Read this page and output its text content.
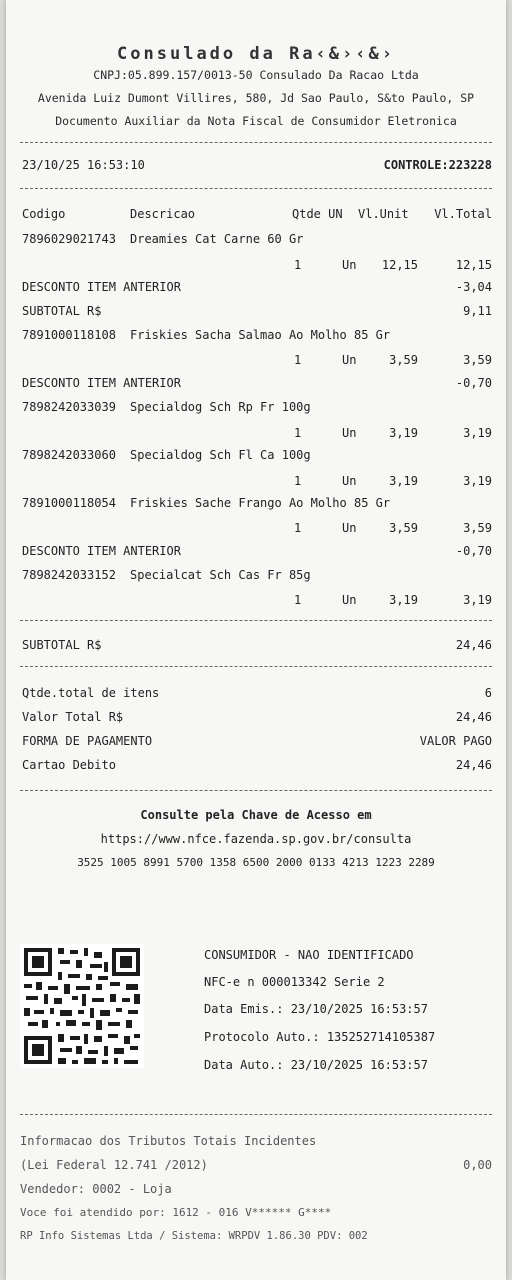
Consulado da Ra‹&›‹&›
CNPJ:05.899.157/0013-50 Consulado Da Racao Ltda
Avenida Luiz Dumont Villires, 580, Jd Sao Paulo, S&to Paulo, SP
Documento Auxiliar da Nota Fiscal de Consumidor Eletronica
23/10/25 16:53:10	CONTROLE:223228
Codigo	Descricao	Qtde UN Vl.Unit Vl.Total
7896029021743 Dreamies Cat Carne 60 Gr
1	Un 12,15	12,15
DESCONTO ITEM ANTERIOR	-3,04
SUBTOTAL R$	9,11
7891000118108 Friskies Sacha Salmao Ao Molho 85 Gr
1	Un	3,59	3,59
DESCONTO ITEM ANTERIOR	-0,70
7898242033039 Specialdog Sch Rp Fr 100g
1	Un	3,19	3,19
7898242033060 Specialdog Sch Fl Ca 100g
1	Un	3,19	3,19
7891000118054 Friskies Sache Frango Ao Molho 85 Gr
1	Un	3,59	3,59
DESCONTO ITEM ANTERIOR	-0,70
7898242033152 Specialcat Sch Cas Fr 85g
1	Un	3,19	3,19
SUBTOTAL R$	24,46
Qtde.total de itens	6
Valor Total R$	24,46
FORMA DE PAGAMENTO	VALOR PAGO
Cartao Debito	24,46
Consulte pela Chave de Acesso em
https://www.nfce.fazenda.sp.gov.br/consulta
3525 1005 8991 5700 1358 6500 2000 0133 4213 1223 2289
CONSUMIDOR - NAO IDENTIFICADO
NFC-e n 000013342 Serie 2
Data Emis.: 23/10/2025 16:53:57
Protocolo Auto.: 135252714105387
Data Auto.: 23/10/2025 16:53:57
Informacao dos Tributos Totais Incidentes
(Lei Federal 12.741 /2012)	0,00
Vendedor: 0002 - Loja
Voce foi atendido por: 1612 - 016 V****** G****
RP Info Sistemas Ltda / Sistema: WRPDV 1.86.30 PDV: 002
